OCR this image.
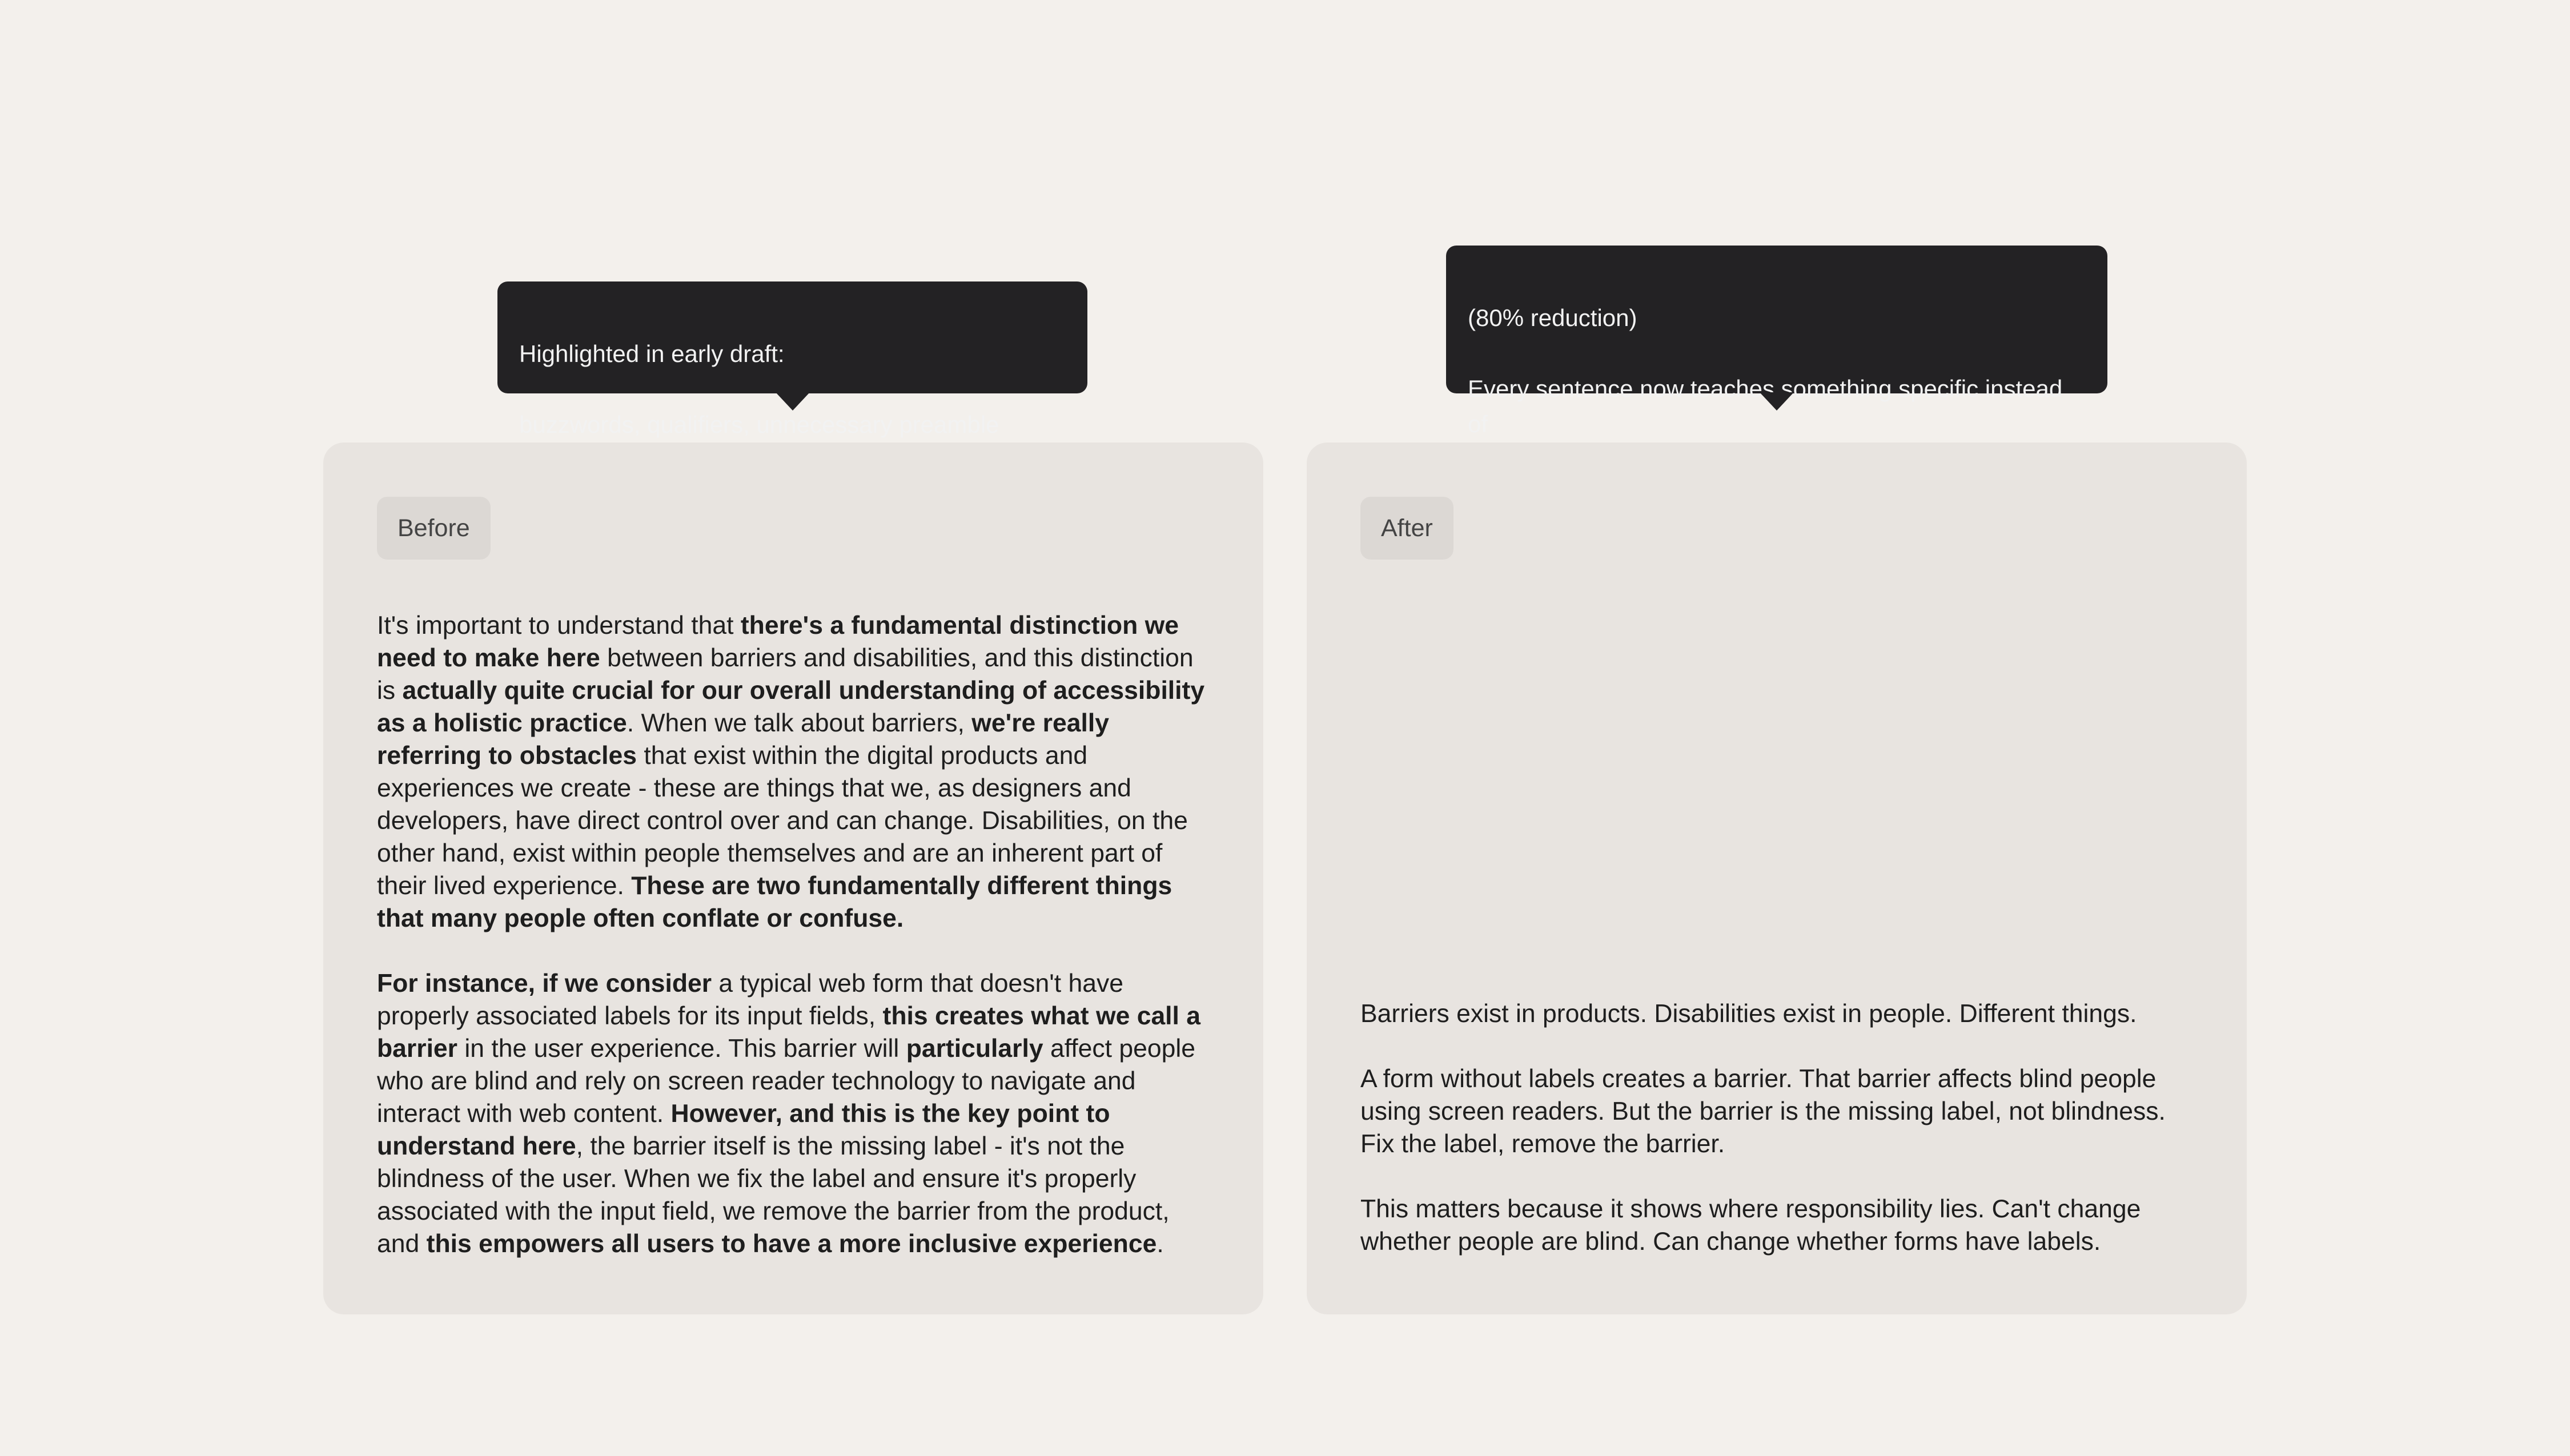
Highlighted in early draft:

buzzwords, qualifiers, unnecessary preamble

(80% reduction)

Every sentence now teaches something specific instead of

Before

It's important to understand that there's a fundamental distinction we need to make here between barriers and disabilities, and this distinction is actually quite crucial for our overall understanding of accessibility as a holistic practice. When we talk about barriers, we're really referring to obstacles that exist within the digital products and experiences we create - these are things that we, as designers and developers, have direct control over and can change. Disabilities, on the other hand, exist within people themselves and are an inherent part of their lived experience. These are two fundamentally different things that many people often conflate or confuse.

For instance, if we consider a typical web form that doesn't have properly associated labels for its input fields, this creates what we call a barrier in the user experience. This barrier will particularly affect people who are blind and rely on screen reader technology to navigate and interact with web content. However, and this is the key point to understand here, the barrier itself is the missing label - it's not the blindness of the user. When we fix the label and ensure it's properly associated with the input field, we remove the barrier from the product, and this empowers all users to have a more inclusive experience.

After

Barriers exist in products. Disabilities exist in people. Different things.

A form without labels creates a barrier. That barrier affects blind people using screen readers. But the barrier is the missing label, not blindness. Fix the label, remove the barrier.

This matters because it shows where responsibility lies. Can't change whether people are blind. Can change whether forms have labels.
